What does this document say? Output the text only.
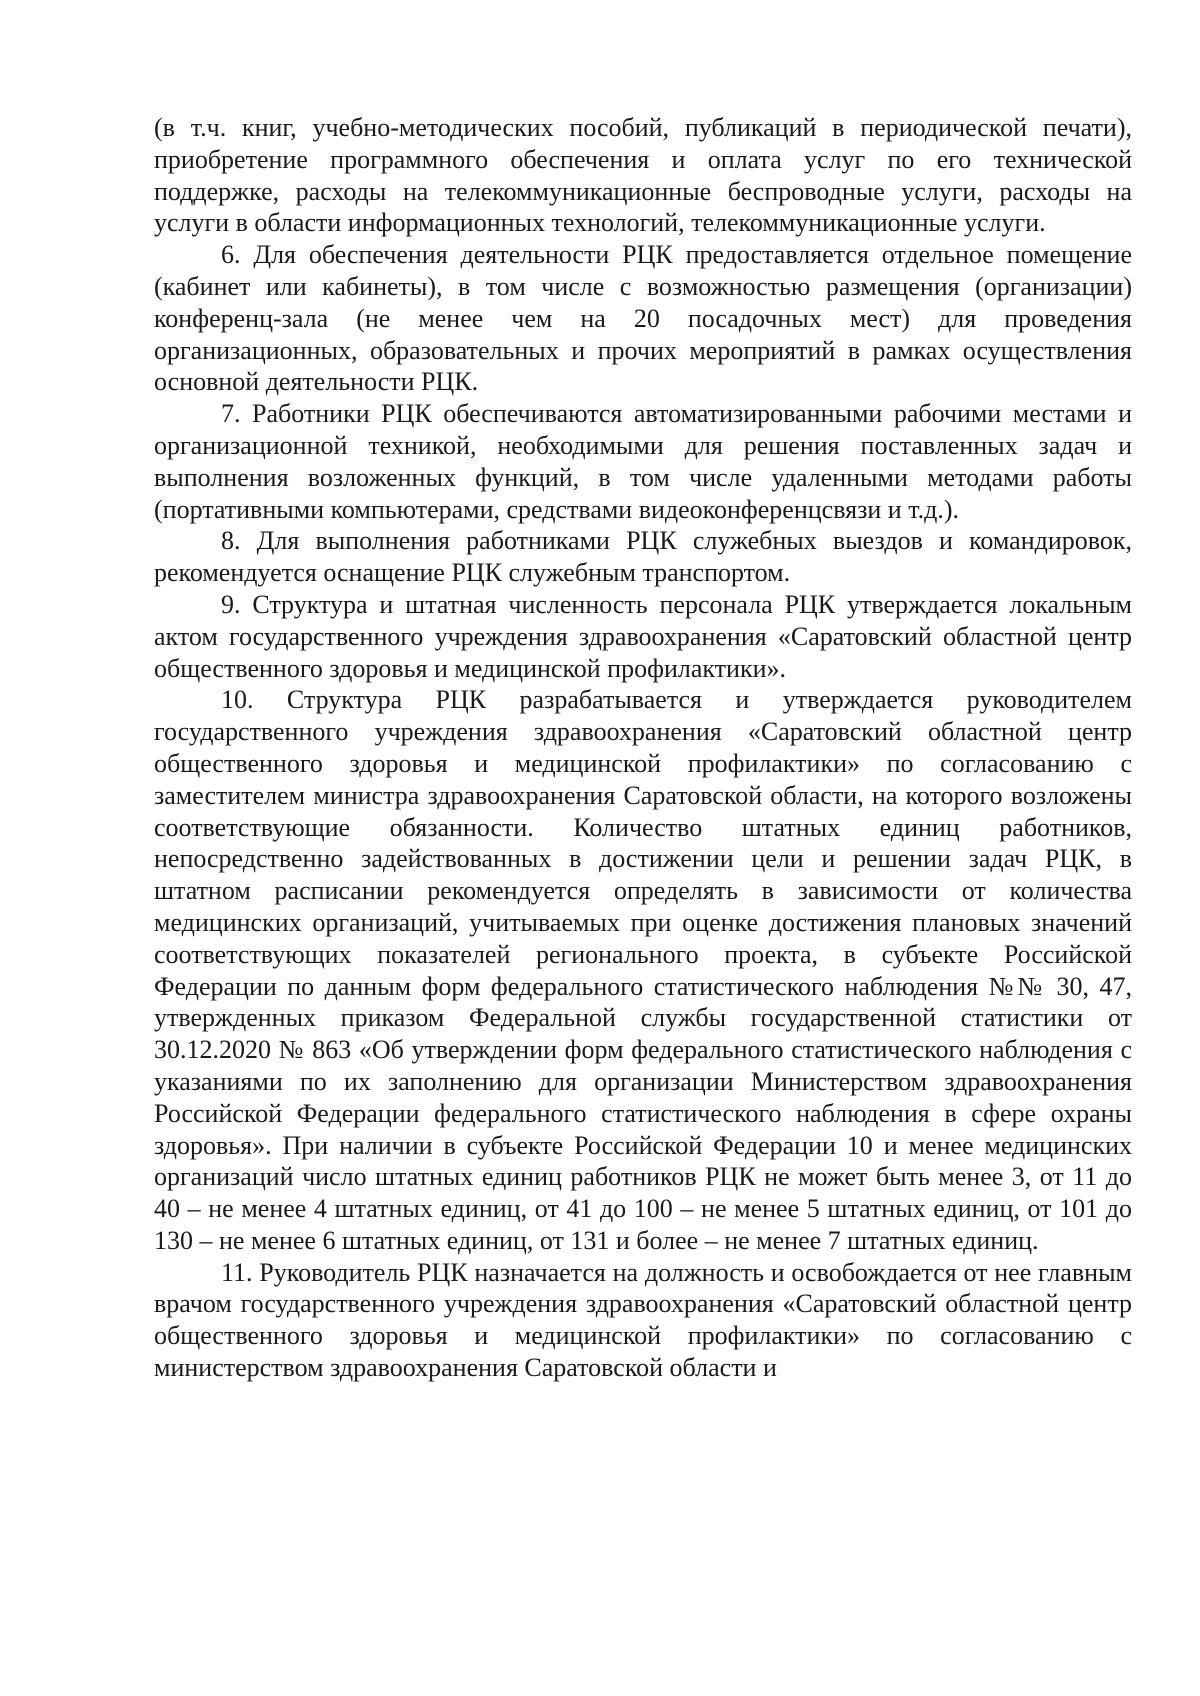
(в т.ч. книг, учебно-методических пособий, публикаций в периодической печати), приобретение программного обеспечения и оплата услуг по его технической поддержке, расходы на телекоммуникационные беспроводные услуги, расходы на услуги в области информационных технологий, телекоммуникационные услуги.

6. Для обеспечения деятельности РЦК предоставляется отдельное помещение (кабинет или кабинеты), в том числе с возможностью размещения (организации) конференц-зала (не менее чем на 20 посадочных мест) для проведения организационных, образовательных и прочих мероприятий в рамках осуществления основной деятельности РЦК.

7. Работники РЦК обеспечиваются автоматизированными рабочими местами и организационной техникой, необходимыми для решения поставленных задач и выполнения возложенных функций, в том числе удаленными методами работы (портативными компьютерами, средствами видеоконференцсвязи и т.д.).

8. Для выполнения работниками РЦК служебных выездов и командировок, рекомендуется оснащение РЦК служебным транспортом.

9. Структура и штатная численность персонала РЦК утверждается локальным актом государственного учреждения здравоохранения «Саратовский областной центр общественного здоровья и медицинской профилактики».

10. Структура РЦК разрабатывается и утверждается руководителем государственного учреждения здравоохранения «Саратовский областной центр общественного здоровья и медицинской профилактики» по согласованию с заместителем министра здравоохранения Саратовской области, на которого возложены соответствующие обязанности. Количество штатных единиц работников, непосредственно задействованных в достижении цели и решении задач РЦК, в штатном расписании рекомендуется определять в зависимости от количества медицинских организаций, учитываемых при оценке достижения плановых значений соответствующих показателей регионального проекта, в субъекте Российской Федерации по данным форм федерального статистического наблюдения №№ 30, 47, утвержденных приказом Федеральной службы государственной статистики от 30.12.2020 № 863 «Об утверждении форм федерального статистического наблюдения с указаниями по их заполнению для организации Министерством здравоохранения Российской Федерации федерального статистического наблюдения в сфере охраны здоровья». При наличии в субъекте Российской Федерации 10 и менее медицинских организаций число штатных единиц работников РЦК не может быть менее 3, от 11 до 40 – не менее 4 штатных единиц, от 41 до 100 – не менее 5 штатных единиц, от 101 до 130 – не менее 6 штатных единиц, от 131 и более – не менее 7 штатных единиц.

11. Руководитель РЦК назначается на должность и освобождается от нее главным врачом государственного учреждения здравоохранения «Саратовский областной центр общественного здоровья и медицинской профилактики» по согласованию с министерством здравоохранения Саратовской области и
